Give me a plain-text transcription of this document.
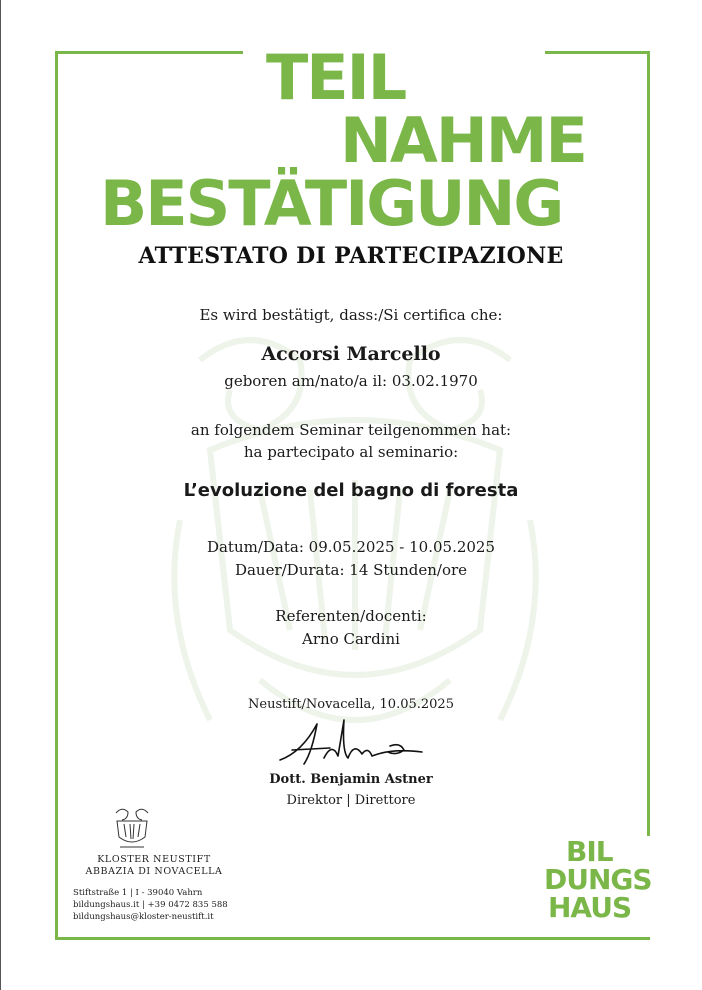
TEIL
NAHME
BESTÄTIGUNG
ATTESTATO DI PARTECIPAZIONE
Es wird bestätigt, dass:/Si certifica che:
Accorsi Marcello
geboren am/nato/a il: 03.02.1970
an folgendem Seminar teilgenommen hat:
ha partecipato al seminario:
L’evoluzione del bagno di foresta
Datum/Data: 09.05.2025 - 10.05.2025
Dauer/Durata: 14 Stunden/ore
Referenten/docenti:
Arno Cardini
Neustift/Novacella, 10.05.2025
Dott. Benjamin Astner
Direktor | Direttore
KLOSTER NEUSTIFT
ABBAZIA DI NOVACELLA
Stiftstraße 1 | I - 39040 Vahrn
bildungshaus.it | +39 0472 835 588
bildungshaus@kloster-neustift.it
BIL
DUNGS
HAUS
